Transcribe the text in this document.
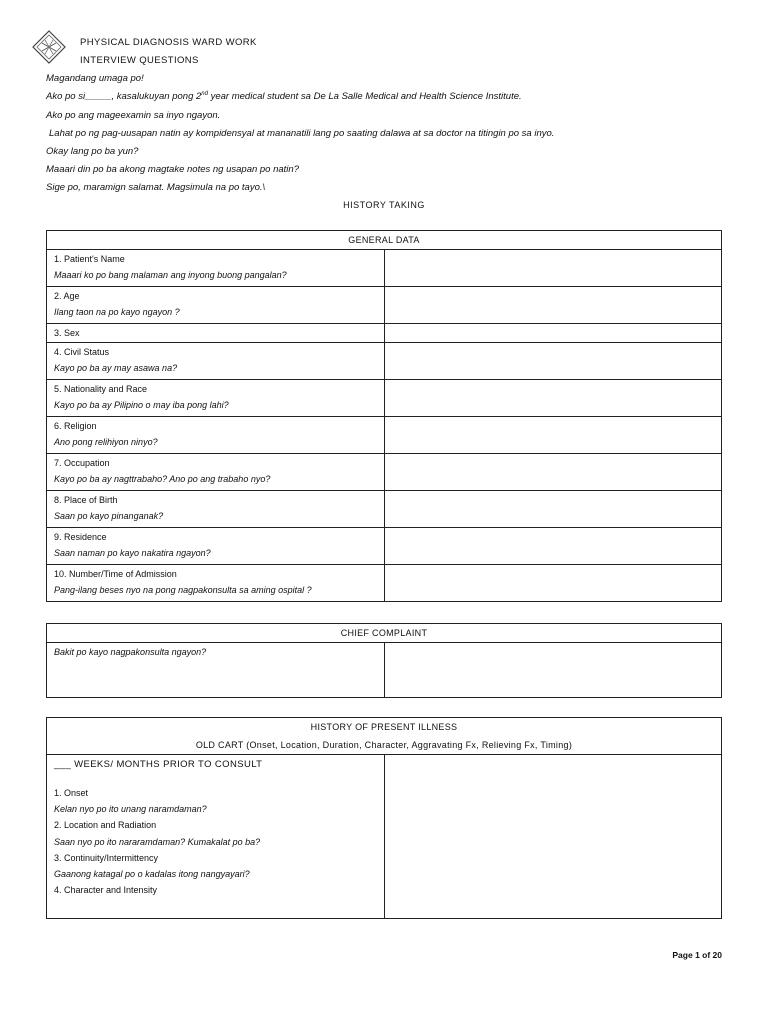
PHYSICAL DIAGNOSIS WARD WORK
INTERVIEW QUESTIONS
Magandang umaga po!
Ako po si_____, kasalukuyan pong 2nd year medical student sa De La Salle Medical and Health Science Institute.
Ako po ang mageexamin sa inyo ngayon.
Lahat po ng pag-uusapan natin ay kompidensyal at mananatili lang po saating dalawa at sa doctor na titingin po sa inyo.
Okay lang po ba yun?
Maaari din po ba akong magtake notes ng usapan po natin?
Sige po, maramign salamat. Magsimula na po tayo.\
HISTORY TAKING
GENERAL DATA	

1. Patient's Name
Maaari ko po bang malaman ang inyong buong pangalan?	

2. Age
Ilang taon na po kayo ngayon ?	

3. Sex	

4. Civil Status
Kayo po ba ay may asawa na?	

5. Nationality and Race
Kayo po ba ay Pilipino o may iba pong lahi?	

6. Religion
Ano pong relihiyon ninyo?	

7. Occupation
Kayo po ba ay nagttrabaho? Ano po ang trabaho nyo?	

8. Place of Birth
Saan po kayo pinanganak?	

9. Residence
Saan naman po kayo nakatira ngayon?	

10. Number/Time of Admission
Pang-ilang beses nyo na pong nagpakonsulta sa aming ospital ?	

CHIEF COMPLAINT

Bakit po kayo nagpakonsulta ngayon?

HISTORY OF PRESENT ILLNESS
OLD CART (Onset, Location, Duration, Character, Aggravating Fx, Relieving Fx, Timing)

___ WEEKS/ MONTHS PRIOR TO CONSULT
1. Onset
Kelan nyo po ito unang naramdaman?
2. Location and Radiation
Saan nyo po ito nararamdaman? Kumakalat po ba?
3. Continuity/Intermittency
Gaanong katagal po o kadalas itong nangyayari?
4. Character and Intensity

Page 1 of 20
